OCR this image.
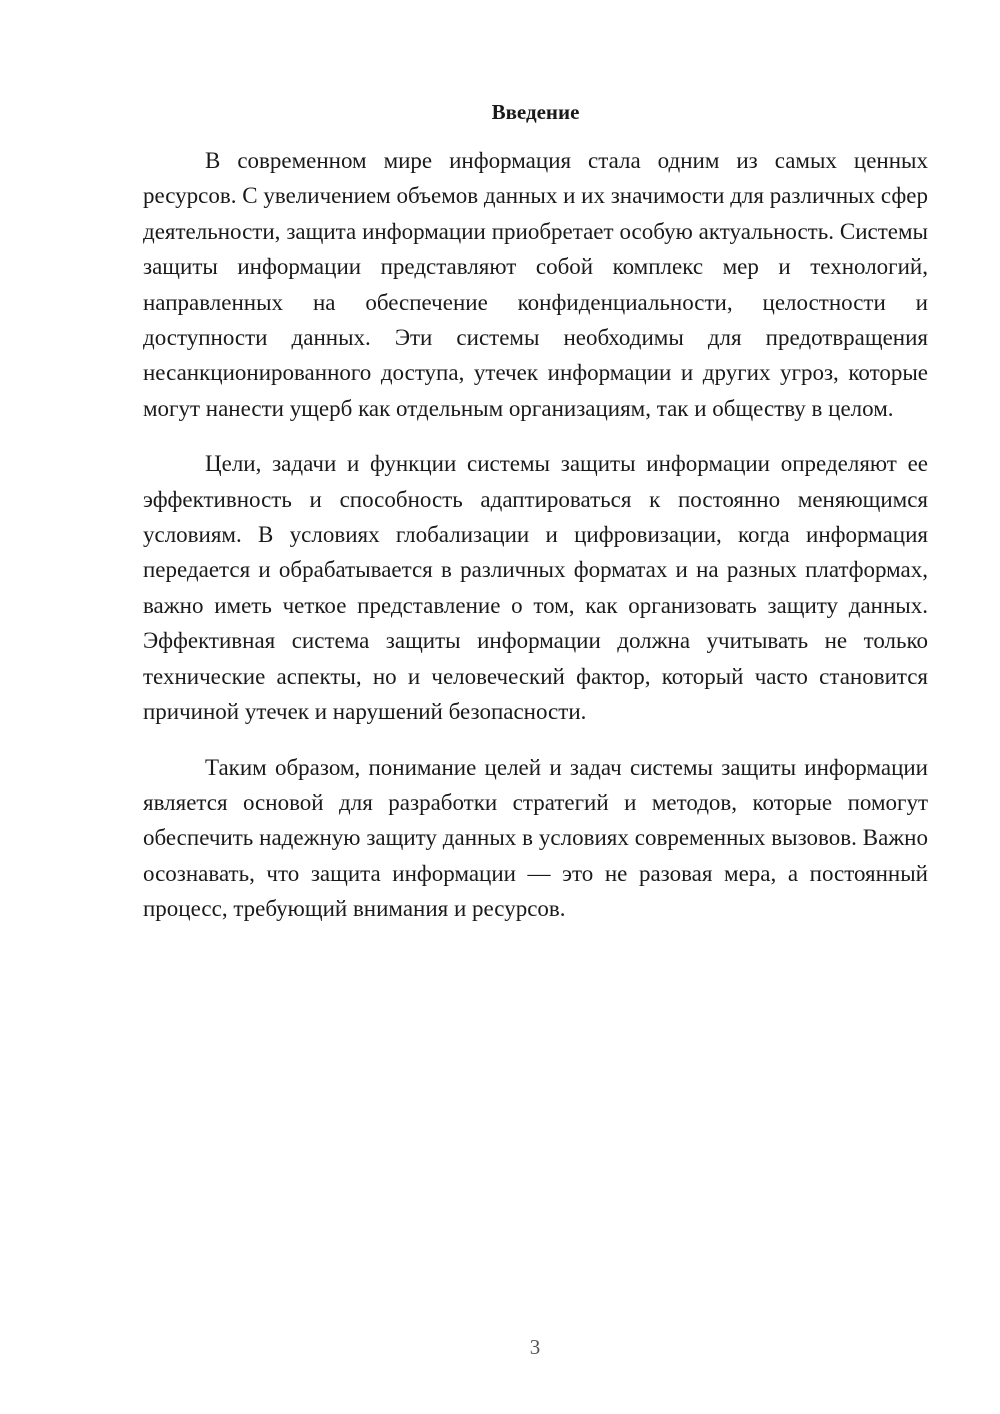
Введение

В современном мире информация стала одним из самых ценных ресурсов. С увеличением объемов данных и их значимости для различных сфер деятельности, защита информации приобретает особую актуальность. Системы защиты информации представляют собой комплекс мер и технологий, направленных на обеспечение конфиденциальности, целостности и доступности данных. Эти системы необходимы для предотвращения несанкционированного доступа, утечек информации и других угроз, которые могут нанести ущерб как отдельным организациям, так и обществу в целом.

Цели, задачи и функции системы защиты информации определяют ее эффективность и способность адаптироваться к постоянно меняющимся условиям. В условиях глобализации и цифровизации, когда информация передается и обрабатывается в различных форматах и на разных платформах, важно иметь четкое представление о том, как организовать защиту данных. Эффективная система защиты информации должна учитывать не только технические аспекты, но и человеческий фактор, который часто становится причиной утечек и нарушений безопасности.

Таким образом, понимание целей и задач системы защиты информации является основой для разработки стратегий и методов, которые помогут обеспечить надежную защиту данных в условиях современных вызовов. Важно осознавать, что защита информации — это не разовая мера, а постоянный процесс, требующий внимания и ресурсов.

3
